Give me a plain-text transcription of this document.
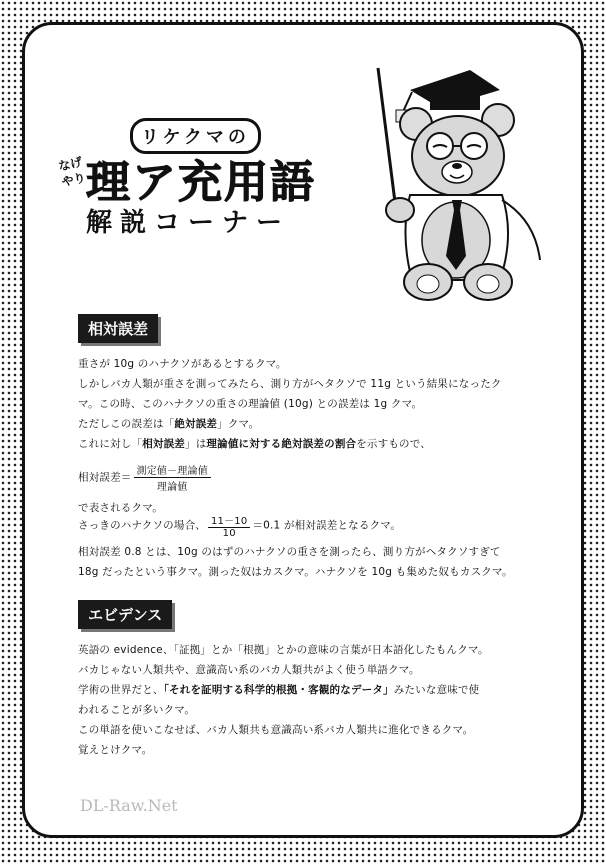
リケクマの
なげ
やり 理ア充用語
解説コーナー
相対誤差
重さが 10g のハナクソがあるとするクマ。
しかしバカ人類が重さを測ってみたら、測り方がヘタクソで 11g という結果になったク
マ。この時、このハナクソの重さの理論値 (10g) との誤差は 1g クマ。
ただしこの誤差は「絶対誤差」クマ。
これに対し「相対誤差」は理論値に対する絶対誤差の割合を示すもので、
相対誤差＝ $\frac{\text{測定値－理論値}}{\text{理論値}}$
で表されるクマ。
さっきのハナクソの場合、 $\frac{11-10}{10} =0.1$ が相対誤差となるクマ。
相対誤差 0.8 とは、10g のはずのハナクソの重さを測ったら、測り方がヘタクソすぎて
18g だったという事クマ。測った奴はカスクマ。ハナクソを 10g も集めた奴もカスクマ。
エビデンス
英語の evidence、「証拠」とか「根拠」とかの意味の言葉が日本語化したもんクマ。
バカじゃない人類共や、意識高い系のバカ人類共がよく使う単語クマ。
学術の世界だと、「それを証明する科学的根拠・客観的なデータ」みたいな意味で使
われることが多いクマ。
この単語を使いこなせば、バカ人類共も意識高い系バカ人類共に進化できるクマ。
覚えとけクマ。
DL-Raw.Net
